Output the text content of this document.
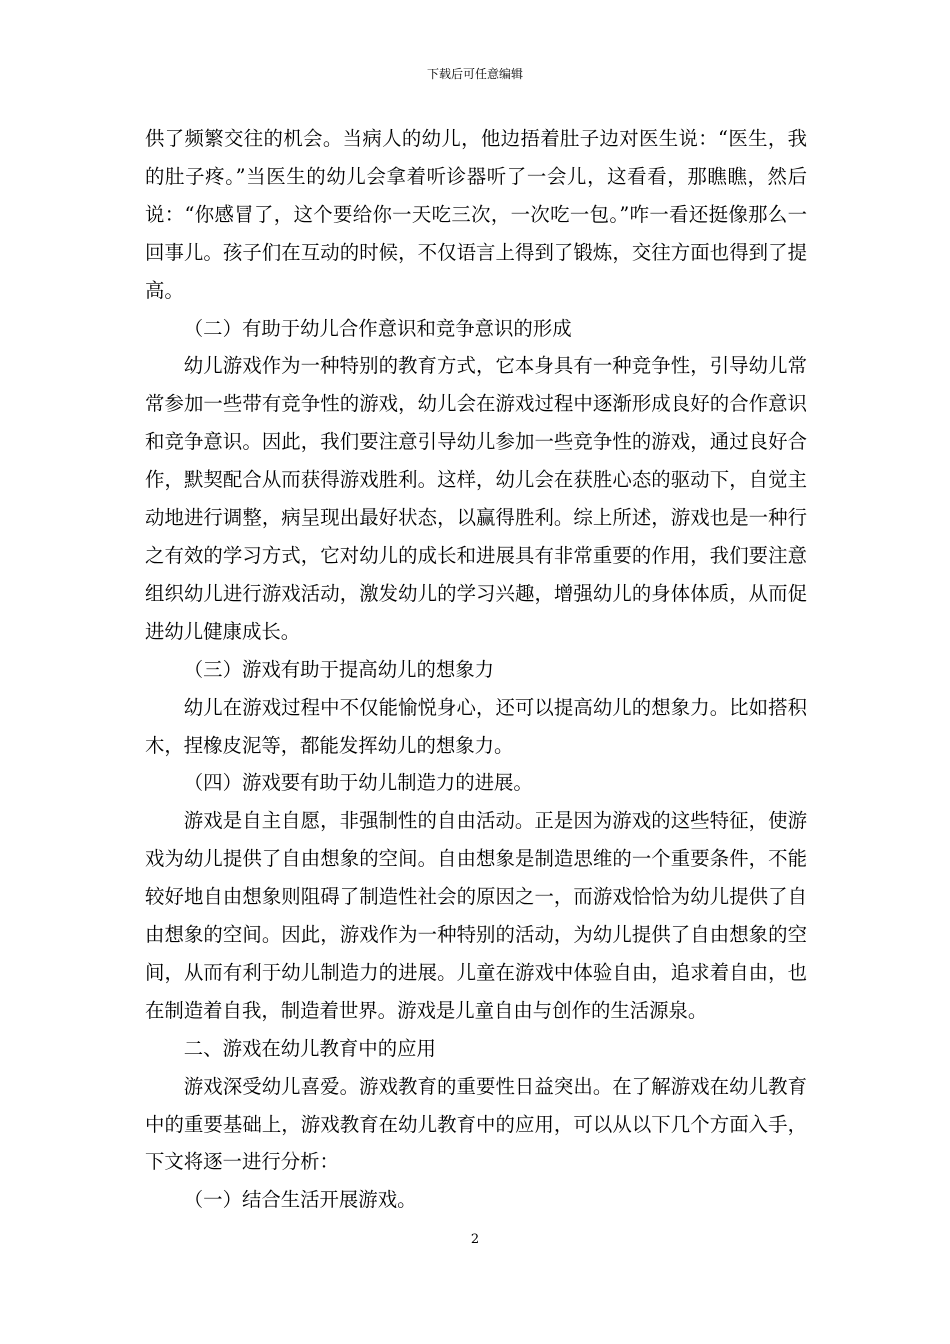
下载后可任意编辑

供了频繁交往的机会。当病人的幼儿，他边捂着肚子边对医生说：“医生，我的肚子疼。”当医生的幼儿会拿着听诊器听了一会儿，这看看，那瞧瞧，然后说：“你感冒了，这个要给你一天吃三次，一次吃一包。”咋一看还挺像那么一回事儿。孩子们在互动的时候，不仅语言上得到了锻炼，交往方面也得到了提高。

（二）有助于幼儿合作意识和竞争意识的形成

幼儿游戏作为一种特别的教育方式，它本身具有一种竞争性，引导幼儿常常参加一些带有竞争性的游戏，幼儿会在游戏过程中逐渐形成良好的合作意识和竞争意识。因此，我们要注意引导幼儿参加一些竞争性的游戏，通过良好合作，默契配合从而获得游戏胜利。这样，幼儿会在获胜心态的驱动下，自觉主动地进行调整，病呈现出最好状态，以赢得胜利。综上所述，游戏也是一种行之有效的学习方式，它对幼儿的成长和进展具有非常重要的作用，我们要注意组织幼儿进行游戏活动，激发幼儿的学习兴趣，增强幼儿的身体体质，从而促进幼儿健康成长。

（三）游戏有助于提高幼儿的想象力

幼儿在游戏过程中不仅能愉悦身心，还可以提高幼儿的想象力。比如搭积木，捏橡皮泥等，都能发挥幼儿的想象力。

（四）游戏要有助于幼儿制造力的进展。

游戏是自主自愿，非强制性的自由活动。正是因为游戏的这些特征，使游戏为幼儿提供了自由想象的空间。自由想象是制造思维的一个重要条件，不能较好地自由想象则阻碍了制造性社会的原因之一，而游戏恰恰为幼儿提供了自由想象的空间。因此，游戏作为一种特别的活动，为幼儿提供了自由想象的空间，从而有利于幼儿制造力的进展。儿童在游戏中体验自由，追求着自由，也在制造着自我，制造着世界。游戏是儿童自由与创作的生活源泉。

二、游戏在幼儿教育中的应用

游戏深受幼儿喜爱。游戏教育的重要性日益突出。在了解游戏在幼儿教育中的重要基础上，游戏教育在幼儿教育中的应用，可以从以下几个方面入手，下文将逐一进行分析：

（一）结合生活开展游戏。

2
